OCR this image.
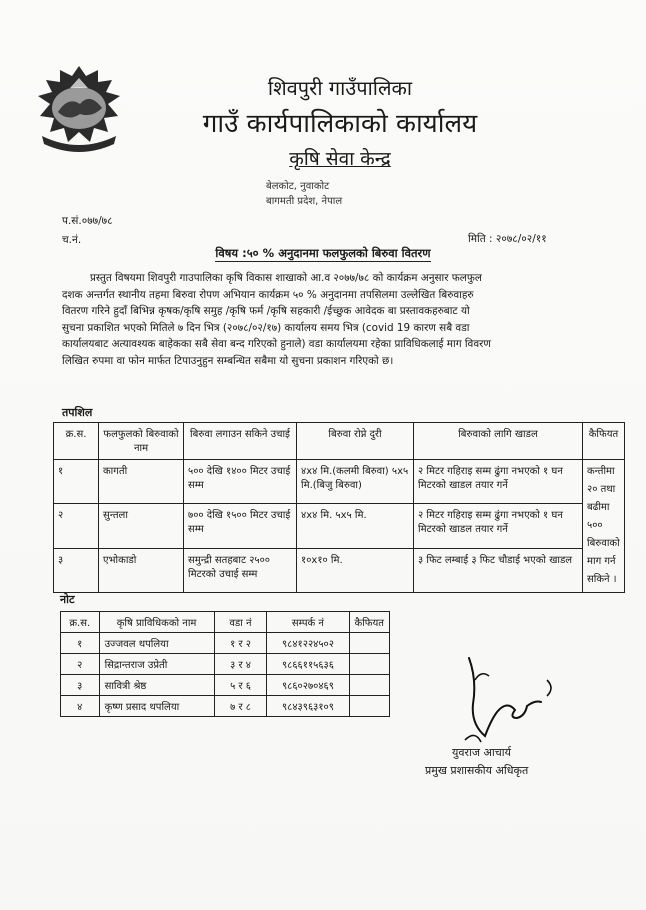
शिवपुरी गाउँपालिका
गाउँ कार्यपालिकाको कार्यालय
कृषि सेवा केन्द्र
बेलकोट, नुवाकोट
बागमती प्रदेश, नेपाल
प.सं.०७७/७८
च.नं.	मिति : २०७८/०२/११
विषय :५० % अनुदानमा फलफुलको बिरुवा वितरण
प्रस्तुत विषयमा शिवपुरी गाउपालिका कृषि विकास शाखाको आ.व २०७७/७८ को कार्यक्रम अनुसार फलफुल
दशक अन्तर्गत स्थानीय तहमा बिरुवा रोपण अभियान कार्यक्रम ५० % अनुदानमा तपसिलमा उल्लेखित बिरुवाहरु
वितरण गरिने हुदाँ बिभिन्न कृषक/कृषि समुह /कृषि फर्म /कृषि सहकारी /ईच्छुक आवेदक बा प्रस्तावकहरुबाट यो
सुचना प्रकाशित भएको मितिले ७ दिन भित्र (२०७८/०२/१७) कार्यालय समय भित्र (covid 19 कारण सबै वडा
कार्यालयबाट अत्यावश्यक बाहेकका सबै सेवा बन्द गरिएको हुनाले) वडा कार्यालयमा रहेका प्राविधिकलाई माग विवरण
लिखित रुपमा वा फोन मार्फत टिपाउनुहुन सम्बन्धित सबैमा यो सुचना प्रकाशन गरिएको छ।
तपशिल
क्र.स.	फलफुलको बिरुवाको नाम	बिरुवा लगाउन सकिने उचाई	बिरुवा रोप्ने दुरी	बिरुवाको लागि खाडल	कैफियत
१	कागती	५०० देखि १४०० मिटर उचाई सम्म	४x४ मि.(कलमी बिरुवा) ५x५ मि.(बिजु बिरुवा)	२ मिटर गहिराइ सम्म ढुंगा नभएको १ घन मिटरको खाडल तयार गर्ने	कन्तीमा २० तथा बढीमा ५०० बिरुवाको माग गर्न सकिने ।
२	सुन्तला	७०० देखि १५०० मिटर उचाई सम्म	४x४ मि. ५x५ मि.	२ मिटर गहिराइ सम्म ढुंगा नभएको १ घन मिटरको खाडल तयार गर्ने	
३	एभोकाडो	समुन्द्री सतहबाट २५०० मिटरको उचाई सम्म	१०x१० मि.	३ फिट लम्बाई ३ फिट चौडाई भएको खाडल	
नोट
क्र.स.	कृषि प्राविधिकको नाम	वडा नं	सम्पर्क नं	कैफियत
१	उज्जवल थपलिया	१ र २	९८४१२२४५०२	
२	सिद्रान्तराज उप्रेती	३ र ४	९८६६११५६३६	
३	सावित्री श्रेष्ठ	५ र ६	९८६०२७०४६९	
४	कृष्ण प्रसाद थपलिया	७ र ८	९८४३९६३१०९	
युवराज आचार्य
प्रमुख प्रशासकीय अधिकृत
